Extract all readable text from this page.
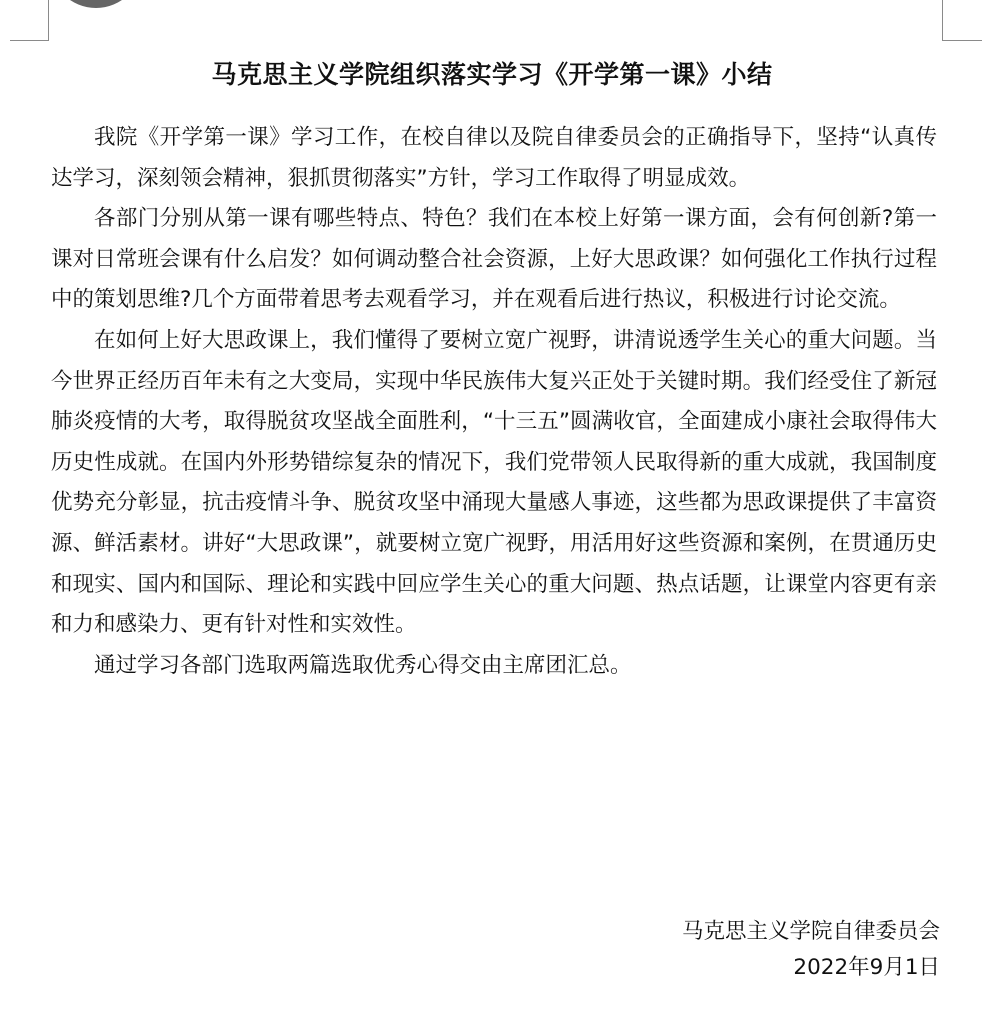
马克思主义学院组织落实学习《开学第一课》小结

我院《开学第一课》学习工作，在校自律以及院自律委员会的正确指导下，坚持“认真传达学习，深刻领会精神，狠抓贯彻落实”方针，学习工作取得了明显成效。

各部门分别从第一课有哪些特点、特色？我们在本校上好第一课方面，会有何创新?第一课对日常班会课有什么启发？如何调动整合社会资源，上好大思政课？如何强化工作执行过程中的策划思维?几个方面带着思考去观看学习，并在观看后进行热议，积极进行讨论交流。

在如何上好大思政课上，我们懂得了要树立宽广视野，讲清说透学生关心的重大问题。当今世界正经历百年未有之大变局，实现中华民族伟大复兴正处于关键时期。我们经受住了新冠肺炎疫情的大考，取得脱贫攻坚战全面胜利，“十三五”圆满收官，全面建成小康社会取得伟大历史性成就。在国内外形势错综复杂的情况下，我们党带领人民取得新的重大成就，我国制度优势充分彰显，抗击疫情斗争、脱贫攻坚中涌现大量感人事迹，这些都为思政课提供了丰富资源、鲜活素材。讲好“大思政课”，就要树立宽广视野，用活用好这些资源和案例，在贯通历史和现实、国内和国际、理论和实践中回应学生关心的重大问题、热点话题，让课堂内容更有亲和力和感染力、更有针对性和实效性。

通过学习各部门选取两篇选取优秀心得交由主席团汇总。

马克思主义学院自律委员会
2022年9月1日
